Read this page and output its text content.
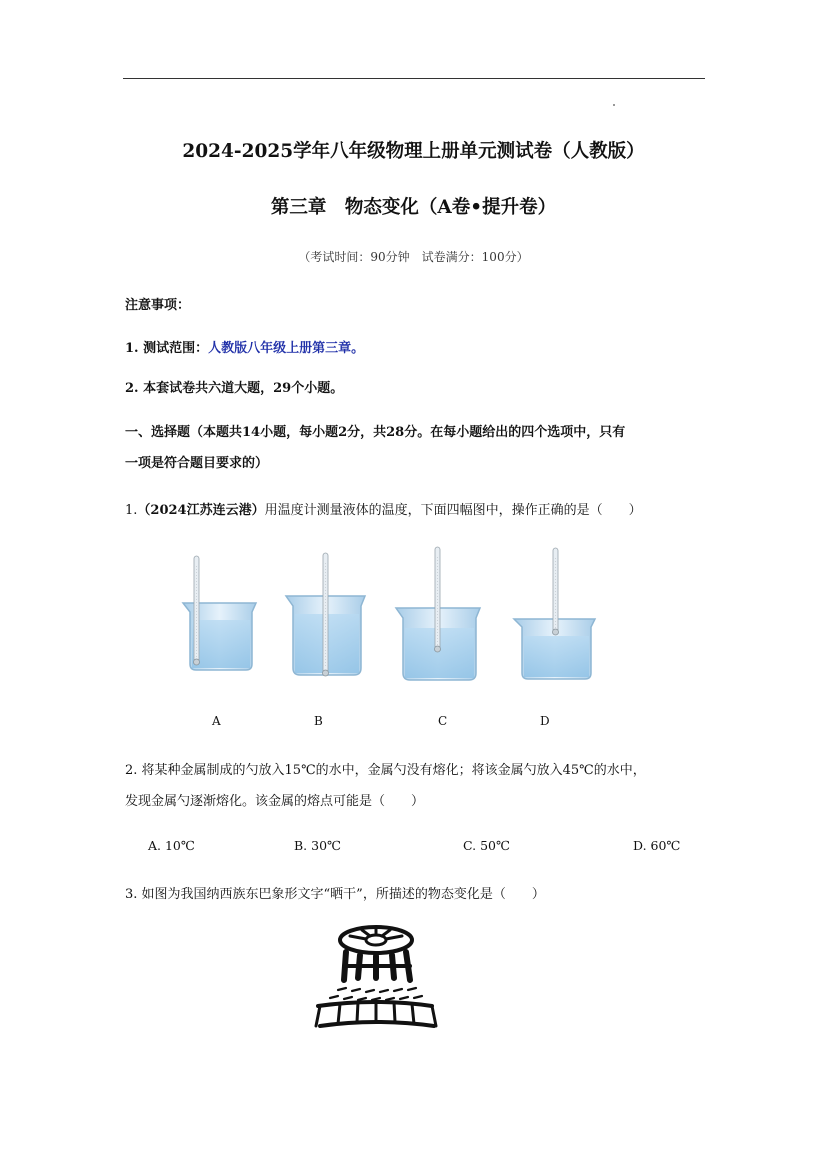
2024-2025学年八年级物理上册单元测试卷（人教版）
第三章　物态变化（A卷•提升卷）
（考试时间：90分钟　试卷满分：100分）
注意事项：
1. 测试范围：人教版八年级上册第三章。
2. 本套试卷共六道大题，29个小题。
一、选择题（本题共14小题，每小题2分，共28分。在每小题给出的四个选项中，只有
一项是符合题目要求的）
1.（2024江苏连云港）用温度计测量液体的温度，下面四幅图中，操作正确的是（　　）
A	B	C	D
2. 将某种金属制成的勺放入15℃的水中，金属勺没有熔化；将该金属勺放入45℃的水中，
发现金属勺逐渐熔化。该金属的熔点可能是（　　）
A. 10℃	B. 30℃	C. 50℃	D. 60℃
3. 如图为我国纳西族东巴象形文字“晒干”，所描述的物态变化是（　　）
